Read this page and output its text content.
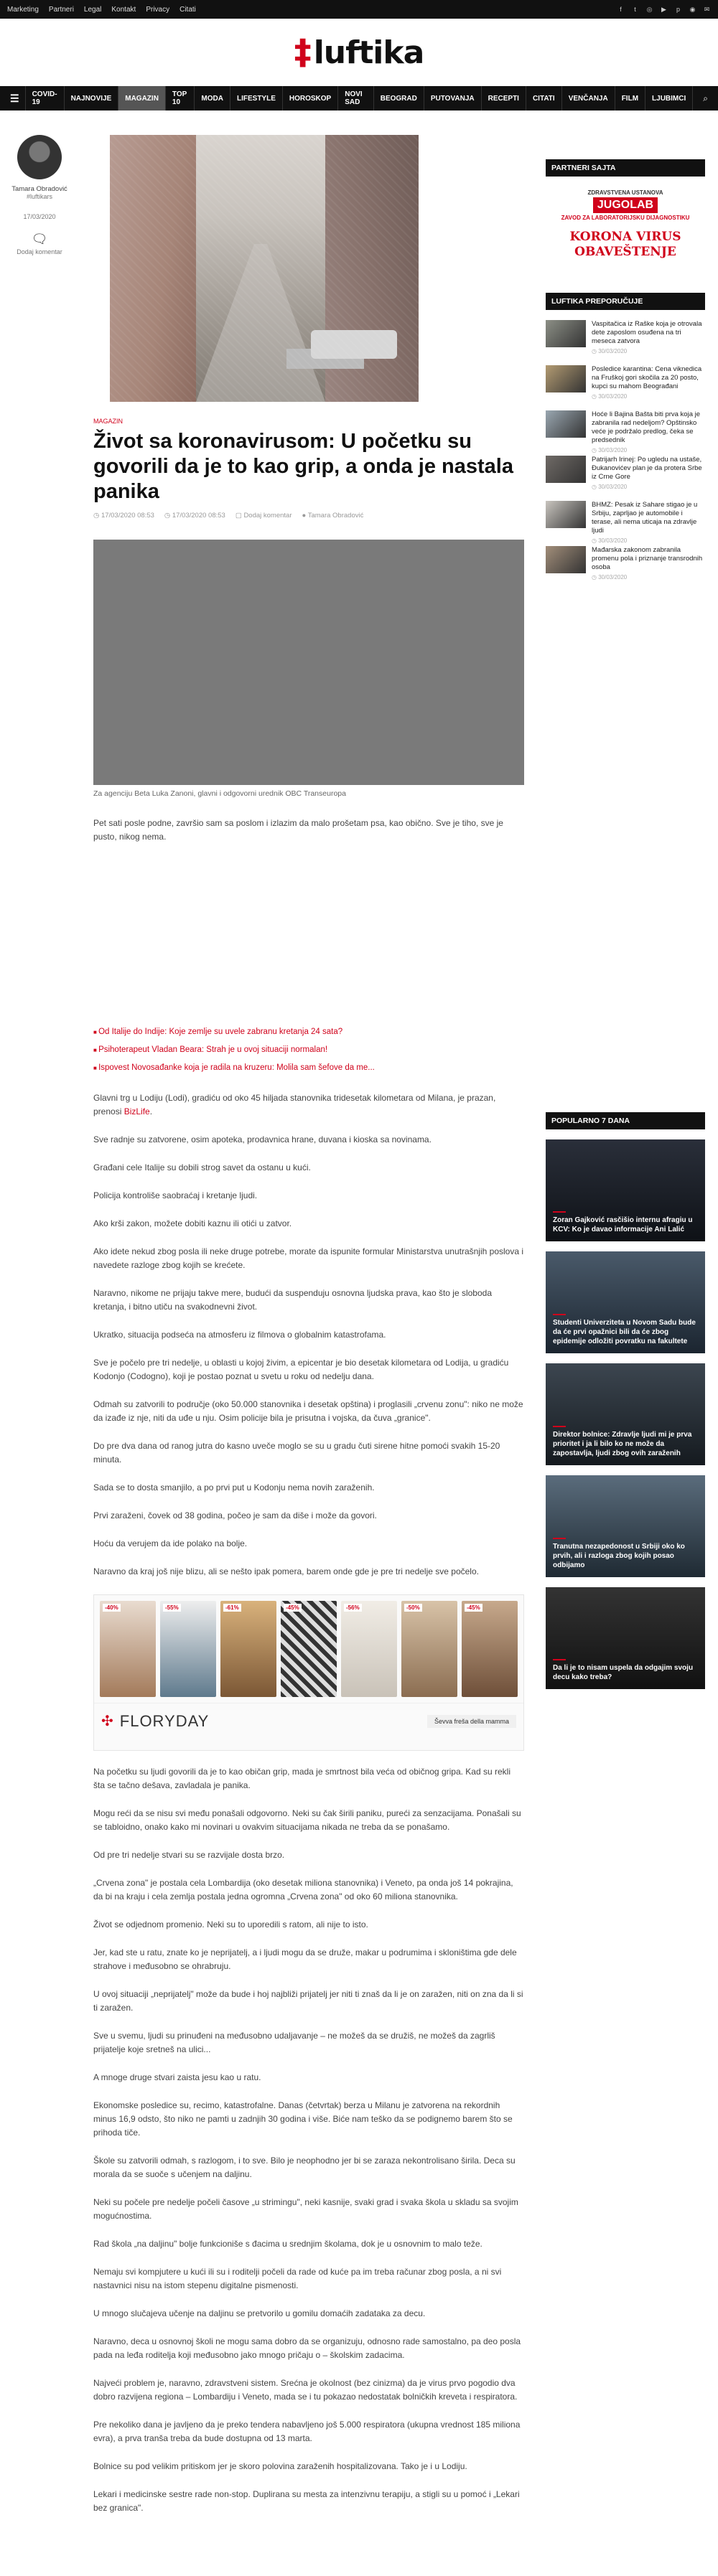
Marketing Partneri Legal Kontakt Privacy Citati	f	t	◎ ▶	p	◉ ✉
‡ luftika
☰	COVID-19	NAJNOVIJE	MAGAZIN	TOP 10	MODA	LIFESTYLE	HOROSKOP	NOVI SAD	BEOGRAD	PUTOVANJA	RECEPTI	CITATI	VENČANJA	FILM	LJUBIMCI	⌕
Tamara Obradović
#luftikars
17/03/2020
🗨
Dodaj komentar
MAGAZIN
Život sa koronavirusom: U početku su govorili da je to kao grip, a onda je nastala panika
◷ 17/03/2020 08:53	◷ 17/03/2020 08:53	▢ Dodaj komentar	● Tamara Obradović
Za agenciju Beta Luka Zanoni, glavni i odgovorni urednik OBC Transeuropa

Pet sati posle podne, završio sam sa poslom i izlazim da malo prošetam psa, kao obično. Sve je tiho, sve je pusto, nikog nema.

■ Od Italije do Indije: Koje zemlje su uvele zabranu kretanja 24 sata?
■ Psihoterapeut Vladan Beara: Strah je u ovoj situaciji normalan!
■ Ispovest Novosađanke koja je radila na kruzeru: Molila sam šefove da me...

Glavni trg u Lodiju (Lodi), gradiću od oko 45 hiljada stanovnika tridesetak kilometara od Milana, je prazan, prenosi BizLife.

Sve radnje su zatvorene, osim apoteka, prodavnica hrane, duvana i kioska sa novinama.

Građani cele Italije su dobili strog savet da ostanu u kući.

Policija kontroliše saobraćaj i kretanje ljudi.

Ako krši zakon, možete dobiti kaznu ili otići u zatvor.

Ako idete nekud zbog posla ili neke druge potrebe, morate da ispunite formular Ministarstva unutrašnjih poslova i navedete razloge zbog kojih se krećete.

Naravno, nikome ne prijaju takve mere, budući da suspenduju osnovna ljudska prava, kao što je sloboda kretanja, i bitno utiču na svakodnevni život.

Ukratko, situacija podseća na atmosferu iz filmova o globalnim katastrofama.

Sve je počelo pre tri nedelje, u oblasti u kojoj živim, a epicentar je bio desetak kilometara od Lodija, u gradiću Kodonjo (Codogno), koji je postao poznat u svetu u roku od nedelju dana.

Odmah su zatvorili to područje (oko 50.000 stanovnika i desetak opština) i proglasili „crvenu zonu": niko ne može da izađe iz nje, niti da uđe u nju. Osim policije bila je prisutna i vojska, da čuva „granice".

Do pre dva dana od ranog jutra do kasno uveče moglo se su u gradu čuti sirene hitne pomoći svakih 15-20 minuta.

Sada se to dosta smanjilo, a po prvi put u Kodonju nema novih zaraženih.

Prvi zaraženi, čovek od 38 godina, počeo je sam da diše i može da govori.

Hoću da verujem da ide polako na bolje.

Naravno da kraj još nije blizu, ali se nešto ipak pomera, barem onde gde je pre tri nedelje sve počelo.

-40%	-55%	-61%	-45%	-56%	-50%	-45%
✣ FLORYDAY	Ševva freša della mamma

Na početku su ljudi govorili da je to kao običan grip, mada je smrtnost bila veća od običnog gripa. Kad su rekli šta se tačno dešava, zavladala je panika.

Mogu reći da se nisu svi među ponašali odgovorno. Neki su čak širili paniku, pureći za senzacijama. Ponašali su se tabloidno, onako kako mi novinari u ovakvim situacijama nikada ne treba da se ponašamo.

Od pre tri nedelje stvari su se razvijale dosta brzo.

„Crvena zona" je postala cela Lombardija (oko desetak miliona stanovnika) i Veneto, pa onda još 14 pokrajina, da bi na kraju i cela zemlja postala jedna ogromna „Crvena zona" od oko 60 miliona stanovnika.

Život se odjednom promenio. Neki su to uporedili s ratom, ali nije to isto.

Jer, kad ste u ratu, znate ko je neprijatelj, a i ljudi mogu da se druže, makar u podrumima i skloništima gde dele strahove i međusobno se ohrabruju.

U ovoj situaciji „neprijatelj" može da bude i hoj najbliži prijatelj jer niti ti znaš da li je on zaražen, niti on zna da li si ti zaražen.

Sve u svemu, ljudi su prinuđeni na međusobno udaljavanje – ne možeš da se družiš, ne možeš da zagrliš prijatelje koje sretneš na ulici...

A mnoge druge stvari zaista jesu kao u ratu.

Ekonomske posledice su, recimo, katastrofalne. Danas (četvrtak) berza u Milanu je zatvorena na rekordnih minus 16,9 odsto, što niko ne pamti u zadnjih 30 godina i više. Biće nam teško da se podignemo barem što se prihoda tiče.

Škole su zatvorili odmah, s razlogom, i to sve. Bilo je neophodno jer bi se zaraza nekontrolisano širila. Deca su morala da se suoče s učenjem na daljinu.

Neki su počele pre nedelje počeli časove „u strimingu", neki kasnije, svaki grad i svaka škola u skladu sa svojim mogućnostima.

Rad škola „na daljinu" bolje funkcioniše s đacima u srednjim školama, dok je u osnovnim to malo teže.

Nemaju svi kompjutere u kući ili su i roditelji počeli da rade od kuće pa im treba računar zbog posla, a ni svi nastavnici nisu na istom stepenu digitalne pismenosti.

U mnogo slučajeva učenje na daljinu se pretvorilo u gomilu domaćih zadataka za decu.

Naravno, deca u osnovnoj školi ne mogu sama dobro da se organizuju, odnosno rade samostalno, pa deo posla pada na leđa roditelja koji međusobno jako mnogo pričaju o – školskim zadacima.

Najveći problem je, naravno, zdravstveni sistem. Srećna je okolnost (bez cinizma) da je virus prvo pogodio dva dobro razvijena regiona – Lombardiju i Veneto, mada se i tu pokazao nedostatak bolničkih kreveta i respiratora.

Pre nekoliko dana je javljeno da je preko tendera nabavljeno još 5.000 respiratora (ukupna vrednost 185 miliona evra), a prva tranša treba da bude dostupna od 13 marta.

Bolnice su pod velikim pritiskom jer je skoro polovina zaraženih hospitalizovana. Tako je i u Lodiju.

Lekari i medicinske sestre rade non-stop. Duplirana su mesta za intenzivnu terapiju, a stigli su u pomoć i „Lekari bez granica".

PARTNERI SAJTA
ZDRAVSTVENA USTANOVA
JUGOLAB
ZAVOD ZA LABORATORIJSKU DIJAGNOSTIKU
KORONA VIRUS OBAVEŠTENJE
LUFTIKA PREPORUČUJE
Vaspitačica iz Raške koja je otrovala dete zaposlom osuđena na tri meseca zatvora
◷ 30/03/2020
Posledice karantina: Cena viknedica na Fruškoj gori skočila za 20 posto, kupci su mahom Beograđani
◷ 30/03/2020
Hoće li Bajina Bašta biti prva koja je zabranila rad nedeljom? Opštinsko veće je podržalo predlog, čeka se predsednik
◷ 30/03/2020
Patrijarh Irinej: Po ugledu na ustaše, Đukanovićev plan je da protera Srbe iz Crne Gore
◷ 30/03/2020
BHMZ: Pesak iz Sahare stigao je u Srbiju, zaprljao je automobile i terase, ali nema uticaja na zdravlje ljudi
◷ 30/03/2020
Mađarska zakonom zabranila promenu pola i priznanje transrodnih osoba
◷ 30/03/2020
POPULARNO 7 DANA
Zoran Gajković rasčišio internu afragiu u KCV: Ko je davao informacije Ani Lalić
Studenti Univerziteta u Novom Sadu bude da će prvi opažnici bili da će zbog epidemije odložiti povratku na fakultete
Direktor bolnice: Zdravlje ljudi mi je prva prioritet i ja li bilo ko ne može da zapostavlja, ljudi zbog ovih zaraženih
Tranutna nezapedonost u Srbiji oko ko prvih, ali i razloga zbog kojih posao odbijamo
Da li je to nisam uspela da odgajim svoju decu kako treba?
